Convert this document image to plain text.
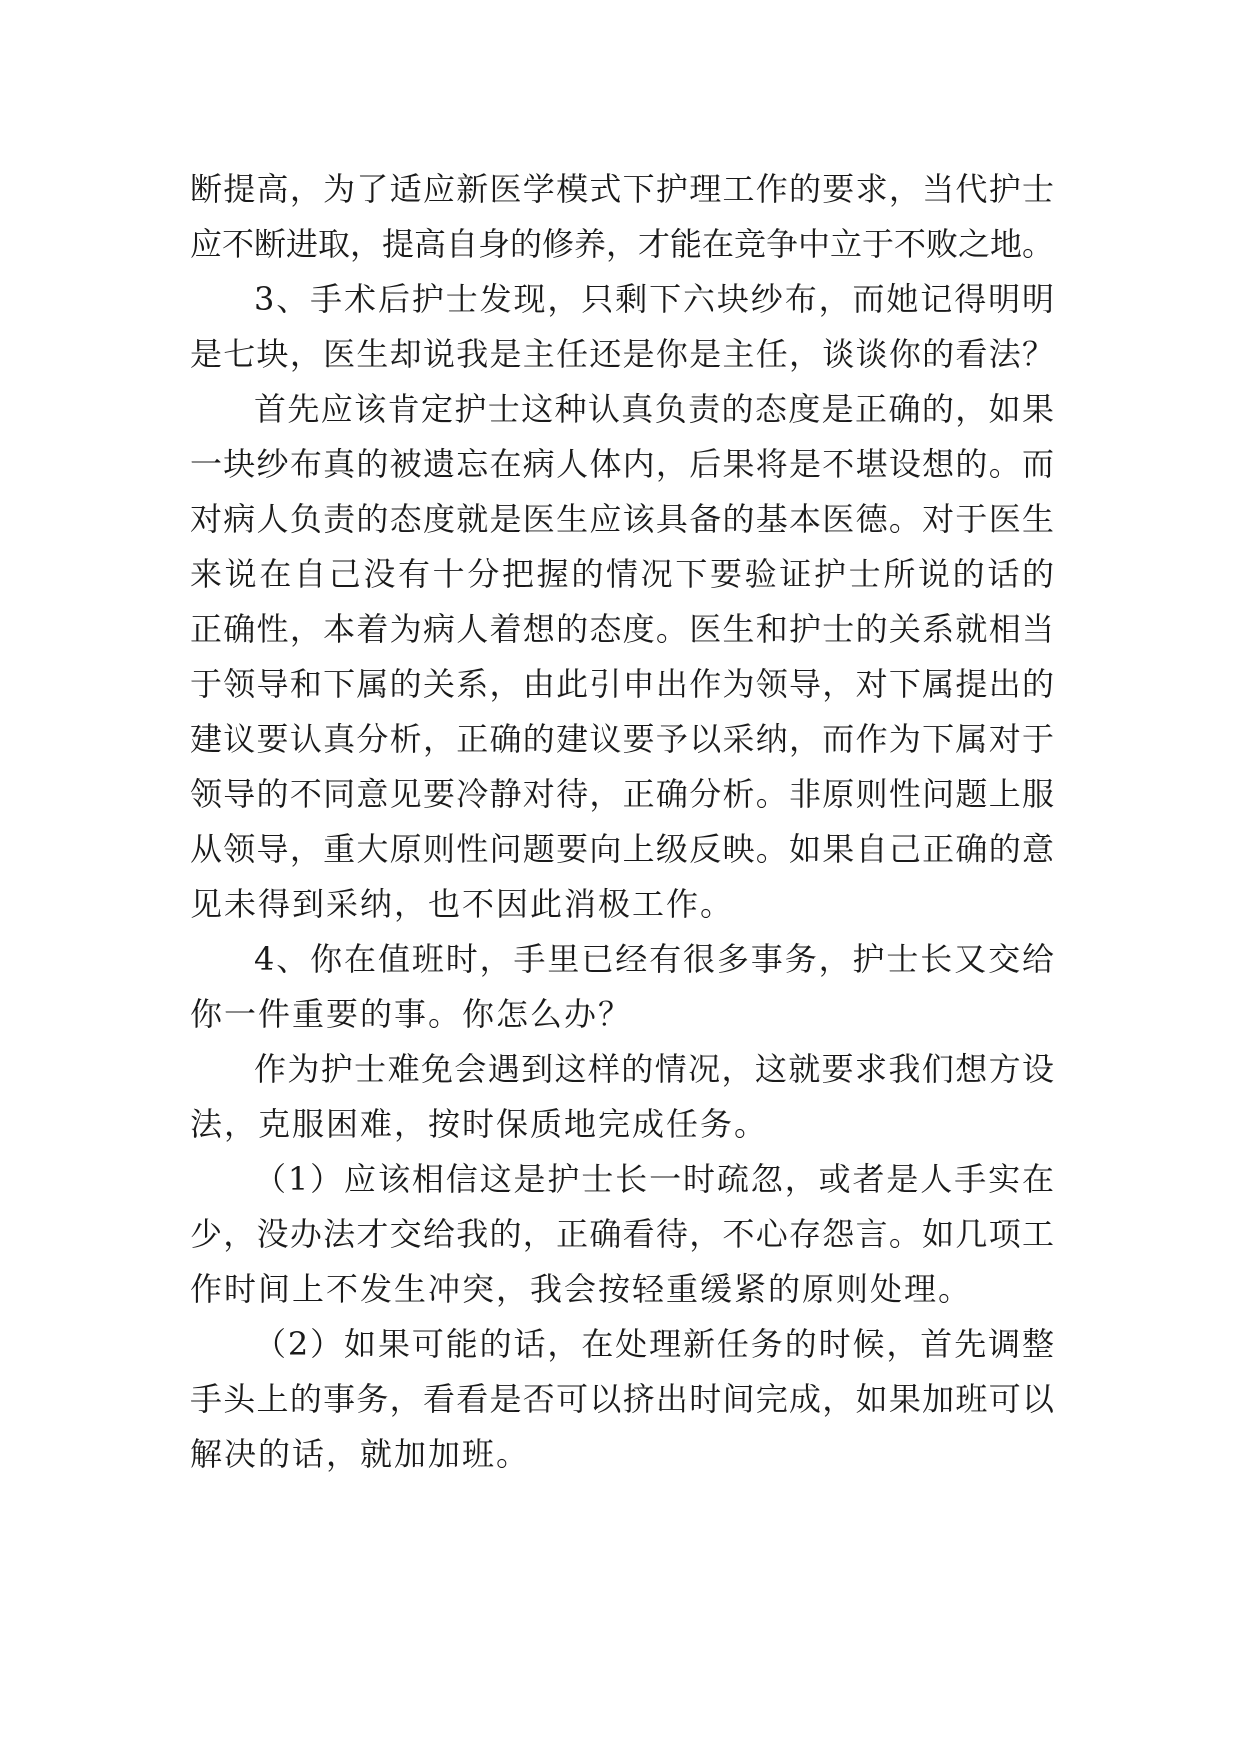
断提高，为了适应新医学模式下护理工作的要求，当代护士
应不断进取，提高自身的修养，才能在竞争中立于不败之地。
3、手术后护士发现，只剩下六块纱布，而她记得明明
是七块，医生却说我是主任还是你是主任，谈谈你的看法？
首先应该肯定护士这种认真负责的态度是正确的，如果
一块纱布真的被遗忘在病人体内，后果将是不堪设想的。而
对病人负责的态度就是医生应该具备的基本医德。对于医生
来说在自己没有十分把握的情况下要验证护士所说的话的
正确性，本着为病人着想的态度。医生和护士的关系就相当
于领导和下属的关系，由此引申出作为领导，对下属提出的
建议要认真分析，正确的建议要予以采纳，而作为下属对于
领导的不同意见要冷静对待，正确分析。非原则性问题上服
从领导，重大原则性问题要向上级反映。如果自己正确的意
见未得到采纳，也不因此消极工作。
4、你在值班时，手里已经有很多事务，护士长又交给
你一件重要的事。你怎么办？
作为护士难免会遇到这样的情况，这就要求我们想方设
法，克服困难，按时保质地完成任务。
（1）应该相信这是护士长一时疏忽，或者是人手实在
少，没办法才交给我的，正确看待，不心存怨言。如几项工
作时间上不发生冲突，我会按轻重缓紧的原则处理。
（2）如果可能的话，在处理新任务的时候，首先调整
手头上的事务，看看是否可以挤出时间完成，如果加班可以
解决的话，就加加班。
